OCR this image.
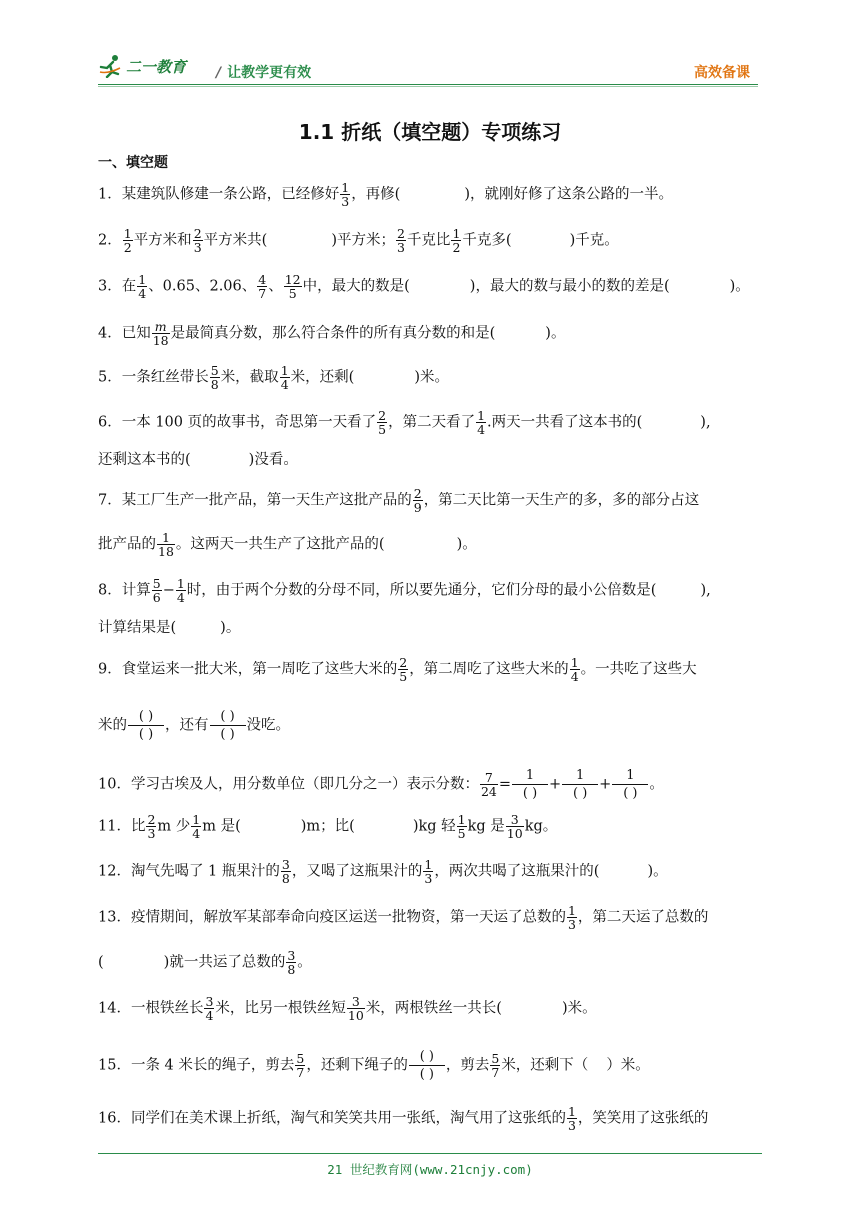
二一教育 / 让教学更有效	高效备课
1.1 折纸（填空题）专项练习
一、填空题
1．某建筑队修建一条公路，已经修好 $\frac{1}{3}$ ，再修(	)，就刚好修了这条公路的一半。
2． $\frac{1}{2}$ 平方米和 $\frac{2}{3}$ 平方米共(	)平方米； $\frac{2}{3}$ 千克比 $\frac{1}{2}$ 千克多(	)千克。
3．在 $\frac{1}{4}$ 、0.65、2.06、 $\frac{4}{7}$ 、 $\frac{12}{5}$ 中，最大的数是(	)，最大的数与最小的数的差是(	)。
4．已知 $\frac{m}{18}$ 是最简真分数，那么符合条件的所有真分数的和是(	)。
5．一条红丝带长 $\frac{5}{8}$ 米，截取 $\frac{1}{4}$ 米，还剩(	)米。
6．一本 100 页的故事书，奇思第一天看了 $\frac{2}{5}$ ，第二天看了 $\frac{1}{4}$ .两天一共看了这本书的(	),
还剩这本书的(	)没看。
7．某工厂生产一批产品，第一天生产这批产品的 $\frac{2}{9}$ ，第二天比第一天生产的多，多的部分占这
批产品的 $\frac{1}{18}$ 。这两天一共生产了这批产品的(	)。
8．计算 $\frac{5}{6} - \frac{1}{4}$ 时，由于两个分数的分母不同，所以要先通分，它们分母的最小公倍数是(	),
计算结果是(	)。
9．食堂运来一批大米，第一周吃了这些大米的 $\frac{2}{5}$ ，第二周吃了这些大米的 $\frac{1}{4}$ 。一共吃了这些大
米的
( )
( )
，还有
( )
( )
没吃。
10．学习古埃及人，用分数单位（即几分之一）表示分数： $\frac{7}{24}$ =
1
( )
+
1
( )
+
1
( )
。
11．比 $\frac{2}{3}$ m 少 $\frac{1}{4}$ m 是(	)m；比(	)kg 轻 $\frac{1}{5}$ kg 是 $\frac{3}{10}$ kg。
12．淘气先喝了 1 瓶果汁的 $\frac{3}{8}$ ，又喝了这瓶果汁的 $\frac{1}{3}$ ，两次共喝了这瓶果汁的(	)。
13．疫情期间，解放军某部奉命向疫区运送一批物资，第一天运了总数的 $\frac{1}{3}$ ，第二天运了总数的
(	)就一共运了总数的 $\frac{3}{8}$ 。
14．一根铁丝长 $\frac{3}{4}$ 米，比另一根铁丝短 $\frac{3}{10}$ 米，两根铁丝一共长(	)米。
15．一条 4 米长的绳子，剪去 $\frac{5}{7}$ ，还剩下绳子的
( )
( )
，剪去 $\frac{5}{7}$ 米，还剩下（ ）米。
16．同学们在美术课上折纸，淘气和笑笑共用一张纸，淘气用了这张纸的 $\frac{1}{3}$ ，笑笑用了这张纸的
21 世纪教育网(www.21cnjy.com)
